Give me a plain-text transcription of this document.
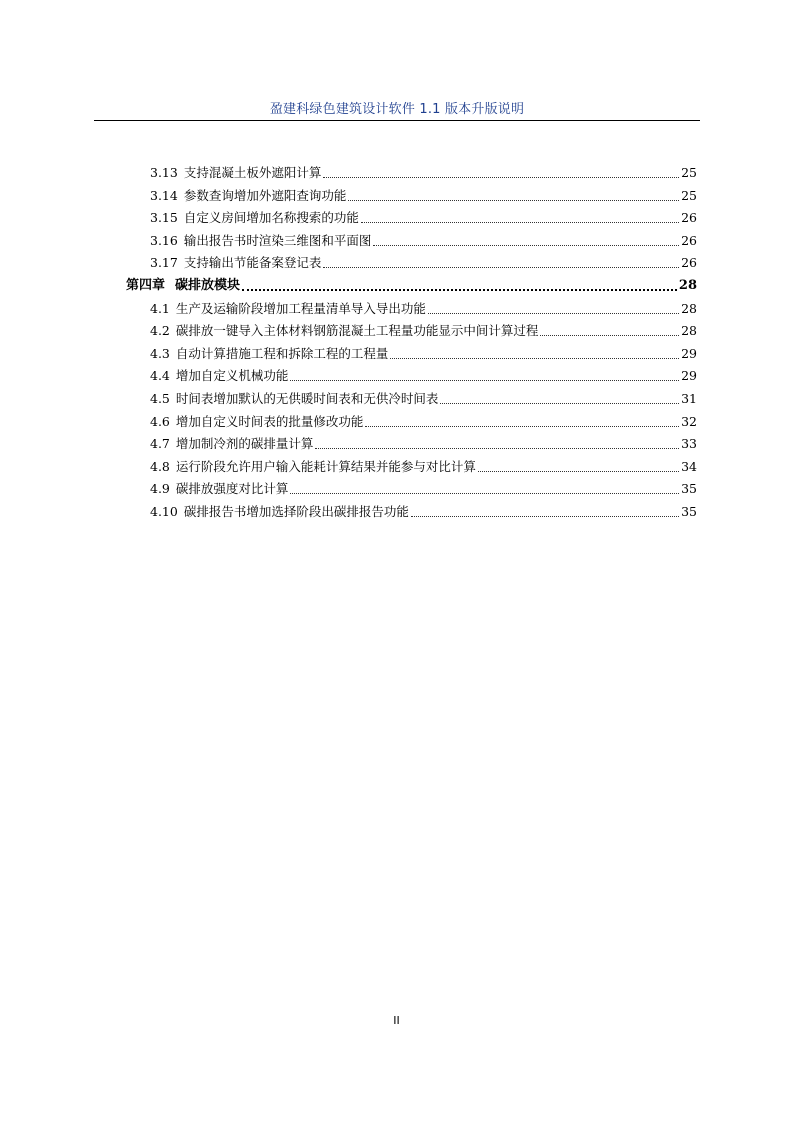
盈建科绿色建筑设计软件 1.1 版本升版说明
3.13 支持混凝土板外遮阳计算	25
3.14 参数查询增加外遮阳查询功能	25
3.15 自定义房间增加名称搜索的功能	26
3.16 输出报告书时渲染三维图和平面图	26
3.17 支持输出节能备案登记表	26
第四章 碳排放模块	28
4.1 生产及运输阶段增加工程量清单导入导出功能	28
4.2 碳排放一键导入主体材料钢筋混凝土工程量功能显示中间计算过程	28
4.3 自动计算措施工程和拆除工程的工程量	29
4.4 增加自定义机械功能	29
4.5 时间表增加默认的无供暖时间表和无供冷时间表	31
4.6 增加自定义时间表的批量修改功能	32
4.7 增加制冷剂的碳排量计算	33
4.8 运行阶段允许用户输入能耗计算结果并能参与对比计算	34
4.9 碳排放强度对比计算	35
4.10 碳排报告书增加选择阶段出碳排报告功能	35
II
